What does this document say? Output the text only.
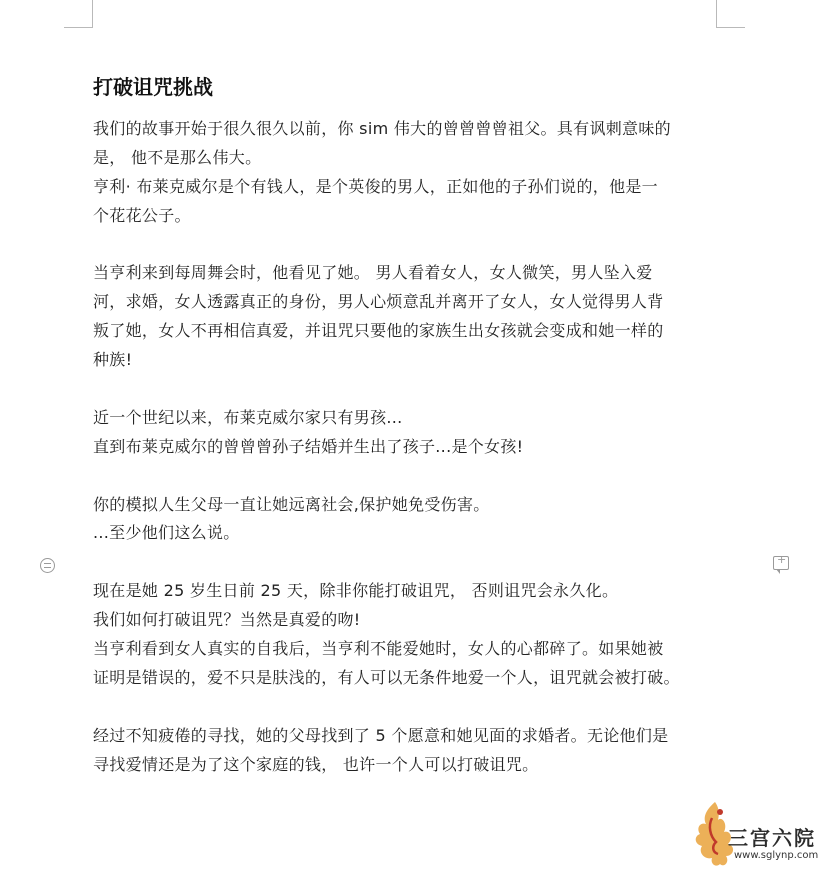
打破诅咒挑战
我们的故事开始于很久很久以前，你 sim 伟大的曾曾曾曾祖父。具有讽刺意味的
是， 他不是那么伟大。
亨利· 布莱克威尔是个有钱人，是个英俊的男人，正如他的子孙们说的，他是一
个花花公子。
当亨利来到每周舞会时，他看见了她。 男人看着女人，女人微笑，男人坠入爱
河，求婚，女人透露真正的身份，男人心烦意乱并离开了女人，女人觉得男人背
叛了她，女人不再相信真爱，并诅咒只要他的家族生出女孩就会变成和她一样的
种族!
近一个世纪以来，布莱克威尔家只有男孩...
直到布莱克威尔的曾曾曾孙子结婚并生出了孩子...是个女孩!
你的模拟人生父母一直让她远离社会,保护她免受伤害。
...至少他们这么说。
现在是她 25 岁生日前 25 天，除非你能打破诅咒， 否则诅咒会永久化。
我们如何打破诅咒？当然是真爱的吻!
当亨利看到女人真实的自我后，当亨利不能爱她时，女人的心都碎了。如果她被
证明是错误的，爱不只是肤浅的，有人可以无条件地爱一个人，诅咒就会被打破。
经过不知疲倦的寻找，她的父母找到了 5 个愿意和她见面的求婚者。无论他们是
寻找爱情还是为了这个家庭的钱， 也许一个人可以打破诅咒。
+
三宫六院
www.sglynp.com
